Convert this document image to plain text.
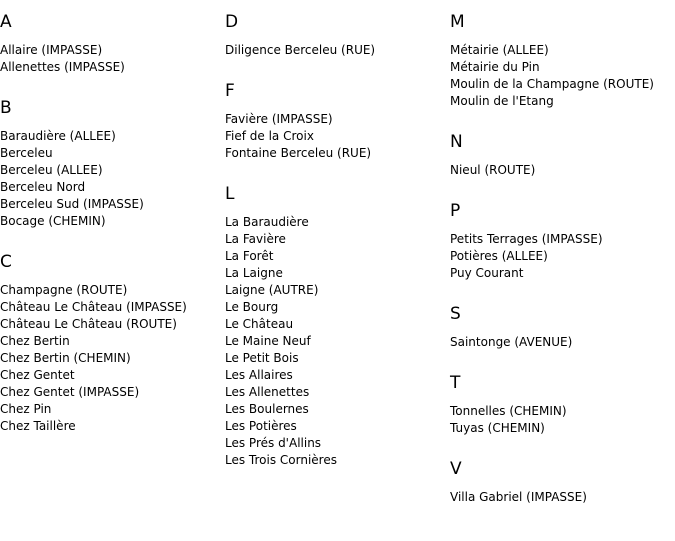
A
Allaire (IMPASSE)
Allenettes (IMPASSE)
B
Baraudière (ALLEE)
Berceleu
Berceleu (ALLEE)
Berceleu Nord
Berceleu Sud (IMPASSE)
Bocage (CHEMIN)
C
Champagne (ROUTE)
Château Le Château (IMPASSE)
Château Le Château (ROUTE)
Chez Bertin
Chez Bertin (CHEMIN)
Chez Gentet
Chez Gentet (IMPASSE)
Chez Pin
Chez Taillère
D
Diligence Berceleu (RUE)
F
Favière (IMPASSE)
Fief de la Croix
Fontaine Berceleu (RUE)
L
La Baraudière
La Favière
La Forêt
La Laigne
Laigne (AUTRE)
Le Bourg
Le Château
Le Maine Neuf
Le Petit Bois
Les Allaires
Les Allenettes
Les Boulernes
Les Potières
Les Prés d'Allins
Les Trois Cornières
M
Métairie (ALLEE)
Métairie du Pin
Moulin de la Champagne (ROUTE)
Moulin de l'Etang
N
Nieul (ROUTE)
P
Petits Terrages (IMPASSE)
Potières (ALLEE)
Puy Courant
S
Saintonge (AVENUE)
T
Tonnelles (CHEMIN)
Tuyas (CHEMIN)
V
Villa Gabriel (IMPASSE)
